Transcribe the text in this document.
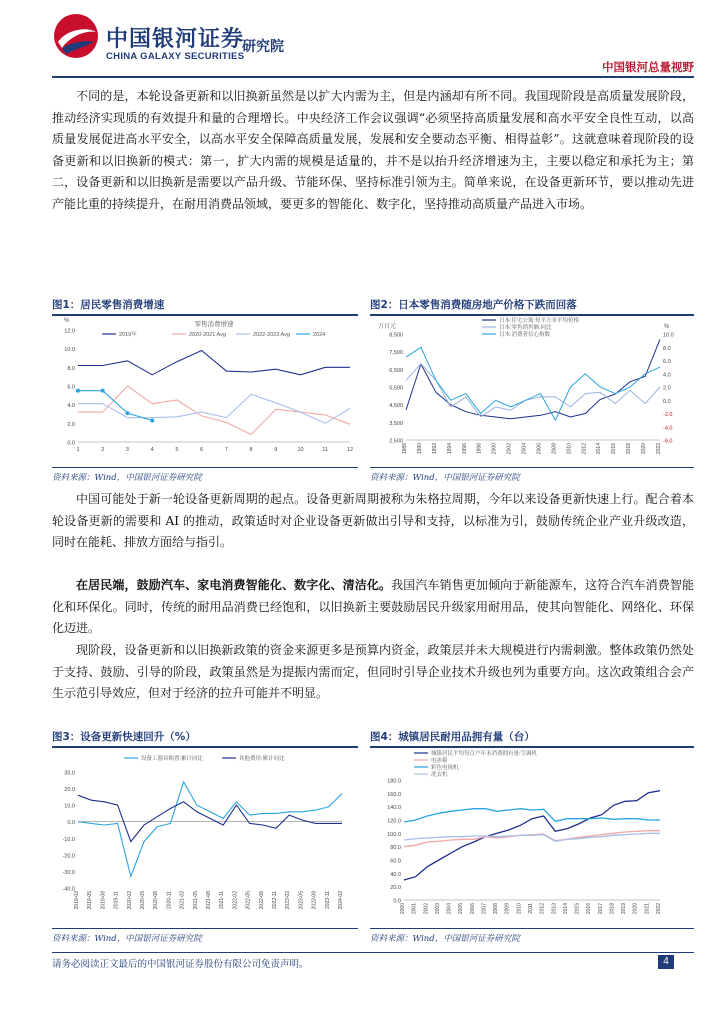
中国银河证券
CHINA GALAXY SECURITIES
研究院
中国银河总量视野
不同的是，本轮设备更新和以旧换新虽然是以扩大内需为主，但是内涵却有所不同。我国现阶段是高质量发展阶段，推动经济实现质的有效提升和量的合理增长。中央经济工作会议强调“必须坚持高质量发展和高水平安全良性互动，以高质量发展促进高水平安全，以高水平安全保障高质量发展，发展和安全要动态平衡、相得益彰”。这就意味着现阶段的设备更新和以旧换新的模式：第一，扩大内需的规模是适量的，并不是以抬升经济增速为主，主要以稳定和承托为主；第二，设备更新和以旧换新是需要以产品升级、节能环保、坚持标准引领为主。简单来说，在设备更新环节，要以推动先进产能比重的持续提升，在耐用消费品领域，要更多的智能化、数字化，坚持推动高质量产品进入市场。
图1：居民零售消费增速
0.0
2.0
4.0
6.0
8.0
10.0
12.0
1	2	3	4	5	6	7	8	9	10	11	12
2019年	2020-2021 Avg	2022-2023 Avg	2024
零售消费增速
%
资料来源：Wind，中国银河证券研究院
图2：日本零售消费随房地产价格下跌而回落
2,500
3,500
4,500
5,500
6,500
7,500
8,500
-6.0
-4.0
-2.0
0.0
2.0
4.0
6.0
8.0
10.0
1988 1990 1992 1994 1996 1998 2000 2002 2004 2006 2008 2010 2012 2014 2016 2018 2020 2022
日本:住宅公寓:每平方米平均价格
日本:零售销售额:同比
日本:消费者信心指数
万日元	%
资料来源：Wind，中国银河证券研究院
中国可能处于新一轮设备更新周期的起点。设备更新周期被称为朱格拉周期，今年以来设备更新快速上行。配合着本轮设备更新的需要和 AI 的推动，政策适时对企业设备更新做出引导和支持，以标准为引，鼓励传统企业产业升级改造，同时在能耗、排放方面给与指引。
在居民端，鼓励汽车、家电消费智能化、数字化、清洁化。我国汽车销售更加倾向于新能源车，这符合汽车消费智能化和环保化。同时，传统的耐用品消费已经饱和，以旧换新主要鼓励居民升级家用耐用品，使其向智能化、网络化、环保化迈进。
现阶段，设备更新和以旧换新政策的资金来源更多是预算内资金，政策层并未大规模进行内需刺激。整体政策仍然处于支持、鼓励、引导的阶段，政策虽然是为提振内需而定，但同时引导企业技术升级也列为重要方向。这次政策组合会产生示范引导效应，但对于经济的拉升可能并不明显。
图3：设备更新快速回升（%）
-40.0
-30.0
-20.0
-10.0
0.0
10.0
20.0
30.0
2019-02 2019-05 2019-08 2019-11 2020-02 2020-05 2020-08 2020-11 2021-02 2021-05 2021-08 2021-11 2022-02 2022-05 2022-08 2022-11 2023-02 2023-05 2023-08 2023-11 2024-02
设备工器具购置:累计同比	其他费用:累计同比
资料来源：Wind，中国银河证券研究院
图4：城镇居民耐用品拥有量（台）
0.0
20.0
40.0
60.0
80.0
100.0
120.0
140.0
160.0
180.0
2000 2001 2002 2003 2004 2005 2006 2007 2008 2009 2010 2011 2012 2013 2014 2015 2016 2017 2018 2019 2020 2021 2022
城镇居民平均每百户年末消费拥有量:空调机
电冰箱
彩色电视机
洗衣机
资料来源：Wind，中国银河证券研究院
请务必阅读正文最后的中国银河证券股份有限公司免责声明。	4
